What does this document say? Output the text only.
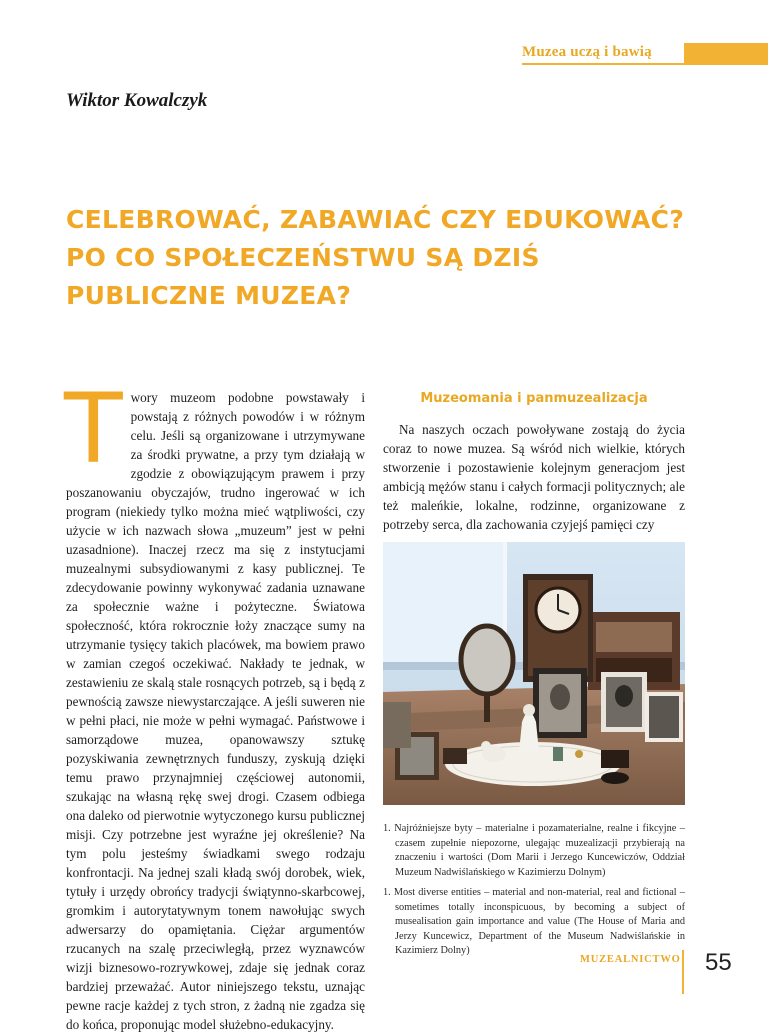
Muzea uczą i bawią
Wiktor Kowalczyk
CELEBROWAĆ, ZABAWIAĆ CZY EDUKOWAĆ?
PO CO SPOŁECZEŃSTWU SĄ DZIŚ
PUBLICZNE MUZEA?
T wory muzeom podobne powstawały i powstają z różnych powodów i w różnym celu. Jeśli są organizowane i utrzymywane za środki prywatne, a przy tym działają w zgodzie z obowiązującym prawem i przy poszanowaniu obyczajów, trudno ingerować w ich program (niekiedy tylko można mieć wątpliwości, czy użycie w ich nazwach słowa „muzeum” jest w pełni uzasadnione). Inaczej rzecz ma się z instytucjami muzealnymi subsydiowanymi z kasy publicznej. Te zdecydowanie powinny wykonywać zadania uznawane za społecznie ważne i pożyteczne. Światowa społeczność, która rokrocznie łoży znaczące sumy na utrzymanie tysięcy takich placówek, ma bowiem prawo w zamian czegoś oczekiwać. Nakłady te jednak, w zestawieniu ze skalą stale rosnących potrzeb, są i będą z pewnością zawsze niewystarczające. A jeśli suweren nie w pełni płaci, nie może w pełni wymagać. Państwowe i samorządowe muzea, opanowawszy sztukę pozyskiwania zewnętrznych funduszy, zyskują dzięki temu prawo przynajmniej częściowej autonomii, szukając na własną rękę swej drogi. Czasem odbiega ona daleko od pierwotnie wytyczonego kursu publicznej misji. Czy potrzebne jest wyraźne jej określenie? Na tym polu jesteśmy świadkami swego rodzaju konfrontacji. Na jednej szali kładą swój dorobek, wiek, tytuły i urzędy obrońcy tradycji świątynno-skarbcowej, gromkim i autorytatywnym tonem nawołując swych adwersarzy do opamiętania. Ciężar argumentów rzucanych na szalę przeciwległą, przez wyznawców wizji biznesowo-rozrywkowej, zdaje się jednak coraz bardziej przeważać. Autor niniejszego tekstu, uznając pewne racje każdej z tych stron, z żadną nie zgadza się do końca, proponując model służebno-edukacyjny.
Muzeomania i panmuzealizacja
Na naszych oczach powoływane zostają do życia coraz to nowe muzea. Są wśród nich wielkie, których stworzenie i pozostawienie kolejnym generacjom jest ambicją mężów stanu i całych formacji politycznych; ale też maleńkie, lokalne, rodzinne, organizowane z potrzeby serca, dla zachowania czyjejś pamięci czy
1. Najróżniejsze byty – materialne i pozamaterialne, realne i fikcyjne – czasem zupełnie niepozorne, ulegając muzealizacji przybierają na znaczeniu i wartości (Dom Marii i Jerzego Kuncewiczów, Oddział Muzeum Nadwiślańskiego w Kazimierzu Dolnym)
1. Most diverse entities – material and non-material, real and fictional – sometimes totally inconspicuous, by becoming a subject of musealisation gain importance and value (The House of Maria and Jerzy Kuncewicz, Department of the Museum Nadwiślańskie in Kazimierz Dolny)
MUZEALNICTWO 55
